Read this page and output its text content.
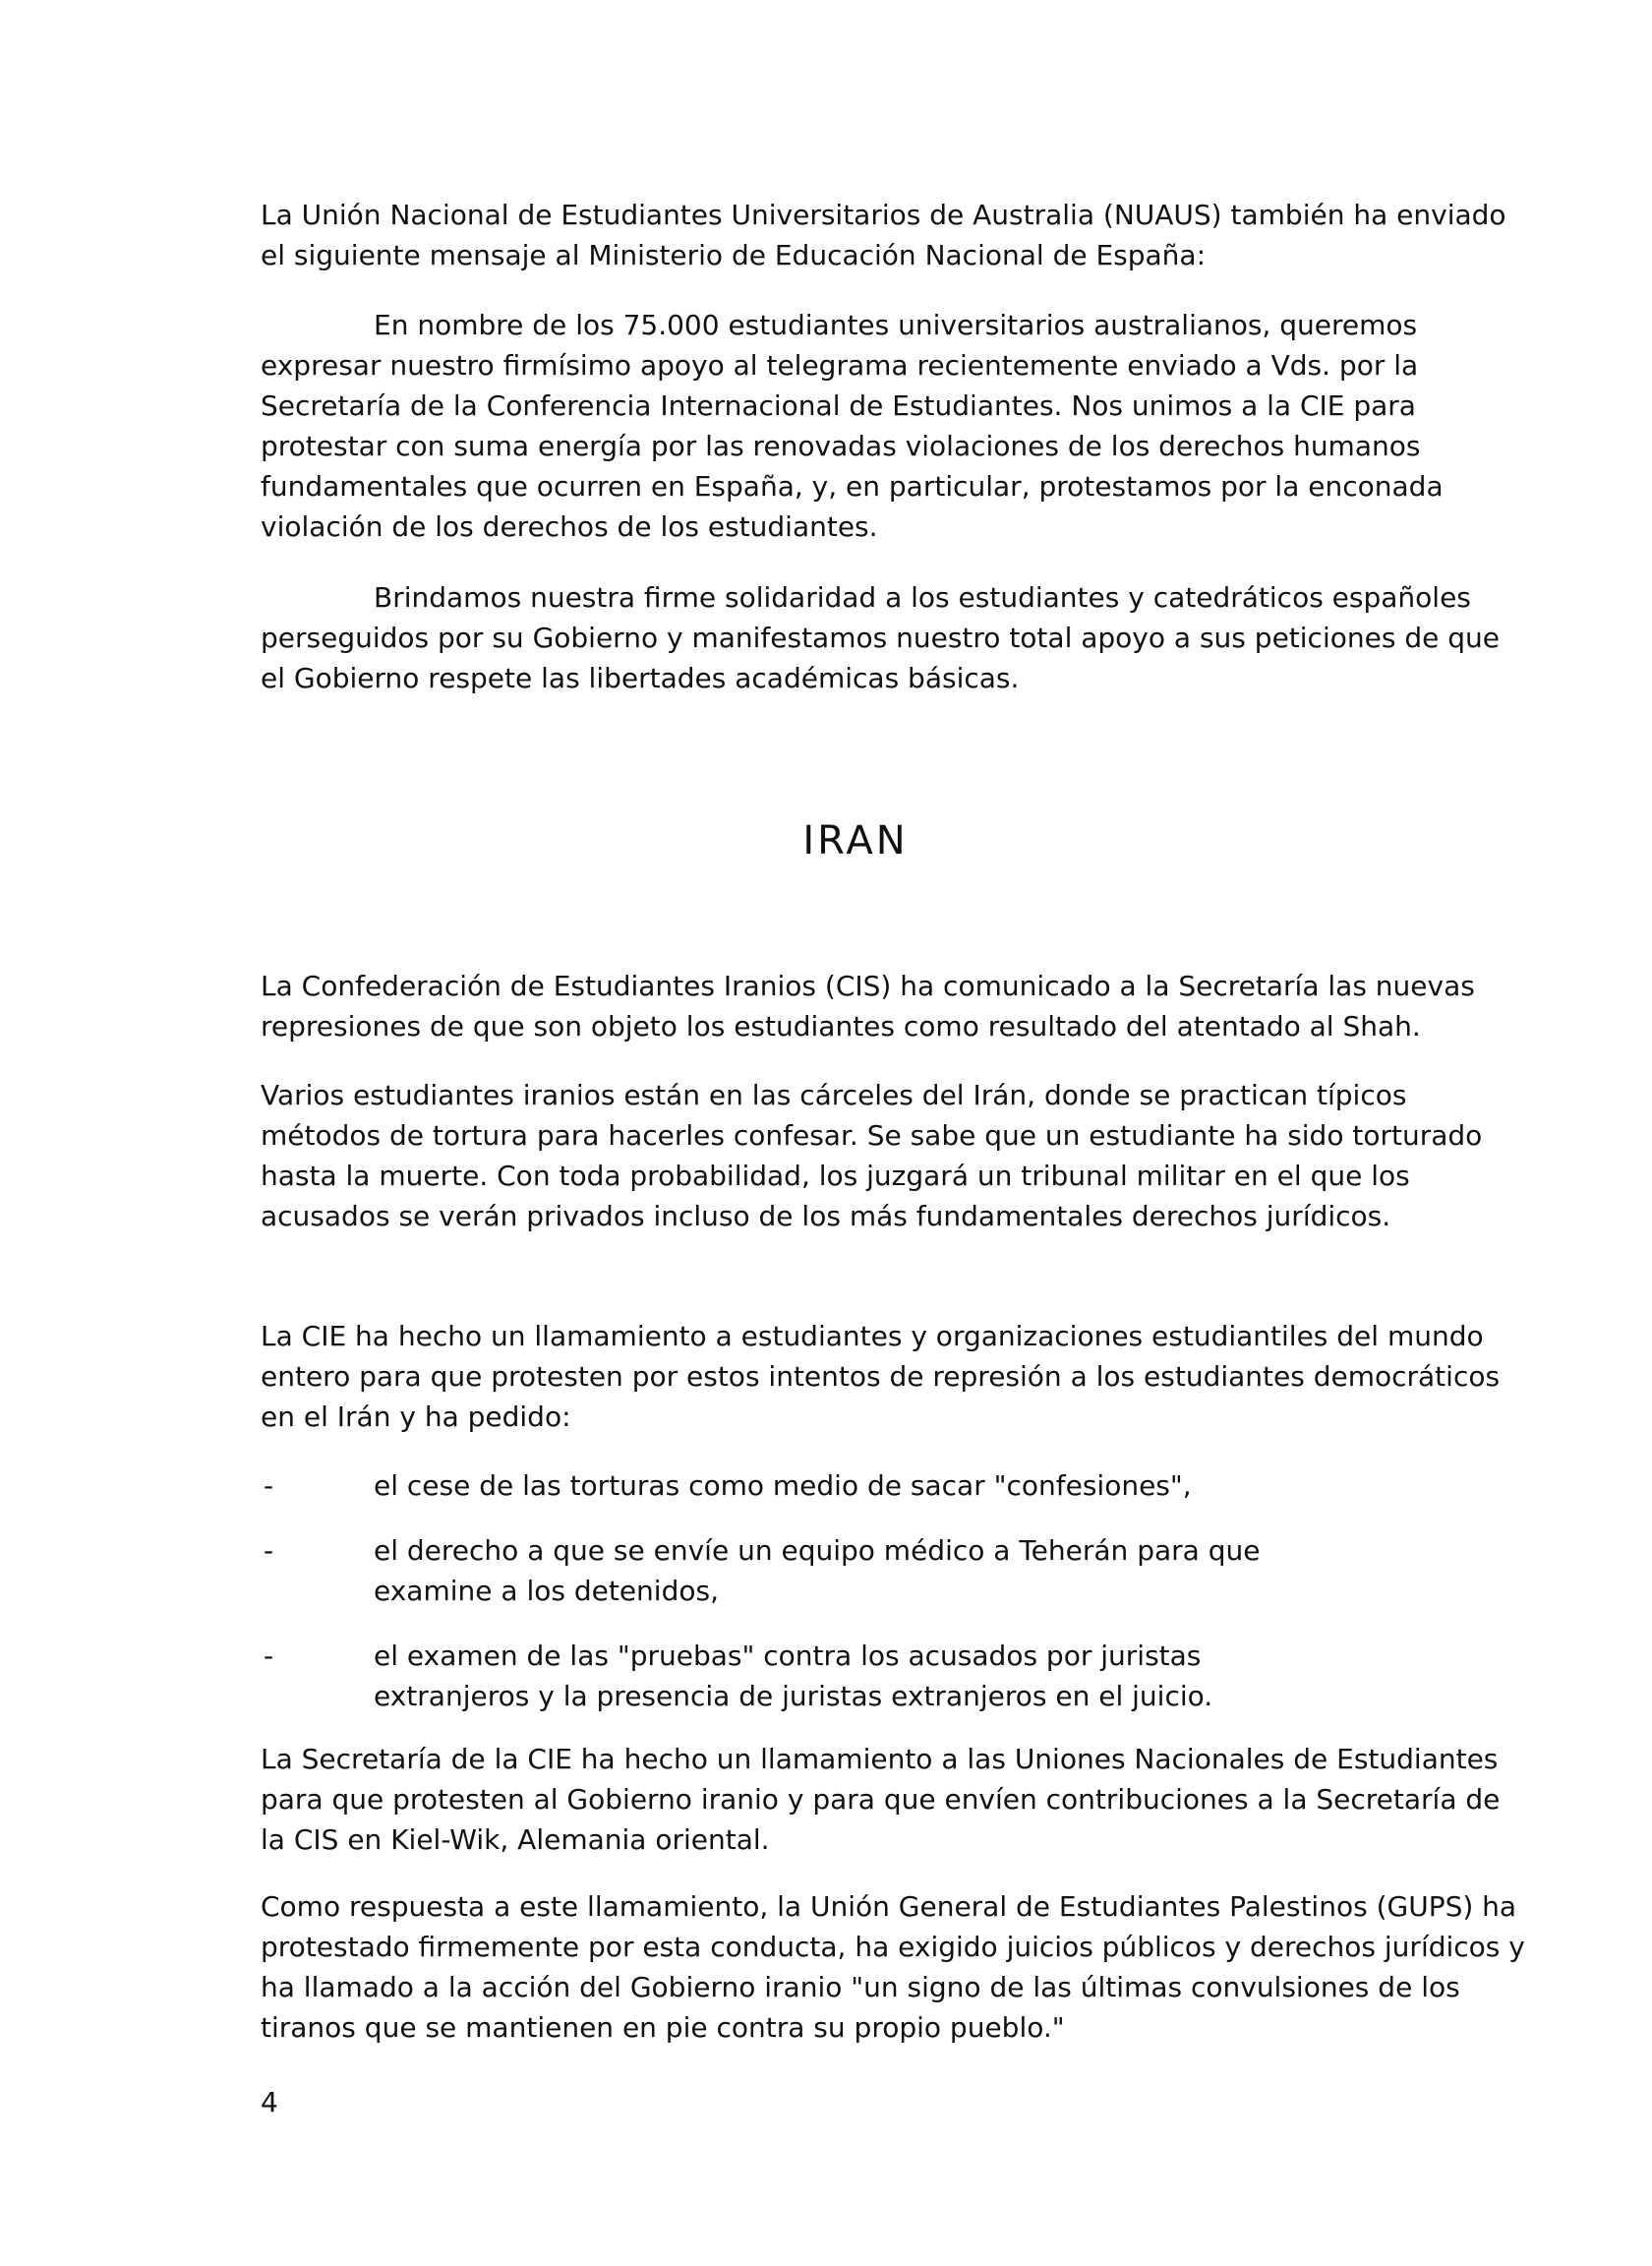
La Unión Nacional de Estudiantes Universitarios de Australia (NUAUS) también ha enviado el siguiente mensaje al Ministerio de Educación Nacional de España:

En nombre de los 75.000 estudiantes universitarios australianos, queremos expresar nuestro firmísimo apoyo al telegrama recientemente enviado a Vds. por la Secretaría de la Conferencia Internacional de Estudiantes. Nos unimos a la CIE para protestar con suma energía por las renovadas violaciones de los derechos humanos fundamentales que ocurren en España, y, en particular, protestamos por la enconada violación de los derechos de los estudiantes.

Brindamos nuestra firme solidaridad a los estudiantes y catedráticos españoles perseguidos por su Gobierno y manifestamos nuestro total apoyo a sus peticiones de que el Gobierno respete las libertades académicas básicas.

IRAN

La Confederación de Estudiantes Iranios (CIS) ha comunicado a la Secretaría las nuevas represiones de que son objeto los estudiantes como resultado del atentado al Shah.

Varios estudiantes iranios están en las cárceles del Irán, donde se practican típicos métodos de tortura para hacerles confesar. Se sabe que un estudiante ha sido torturado hasta la muerte. Con toda probabilidad, los juzgará un tribunal militar en el que los acusados se verán privados incluso de los más fundamentales derechos jurídicos.

La CIE ha hecho un llamamiento a estudiantes y organizaciones estudiantiles del mundo entero para que protesten por estos intentos de represión a los estudiantes democráticos en el Irán y ha pedido:

-	el cese de las torturas como medio de sacar "confesiones",
-	el derecho a que se envíe un equipo médico a Teherán para que examine a los detenidos,
-	el examen de las "pruebas" contra los acusados por juristas extranjeros y la presencia de juristas extranjeros en el juicio.

La Secretaría de la CIE ha hecho un llamamiento a las Uniones Nacionales de Estudiantes para que protesten al Gobierno iranio y para que envíen contribuciones a la Secretaría de la CIS en Kiel-Wik, Alemania oriental.

Como respuesta a este llamamiento, la Unión General de Estudiantes Palestinos (GUPS) ha protestado firmemente por esta conducta, ha exigido juicios públicos y derechos jurídicos y ha llamado a la acción del Gobierno iranio "un signo de las últimas convulsiones de los tiranos que se mantienen en pie contra su propio pueblo."

4
